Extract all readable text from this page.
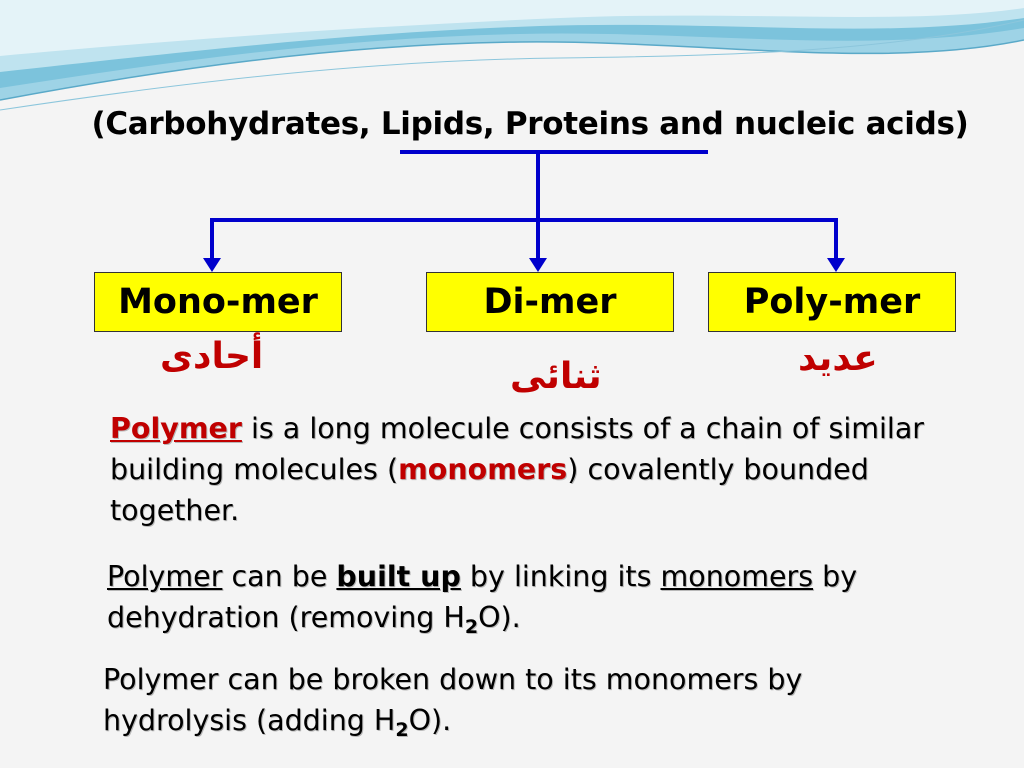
(Carbohydrates, Lipids, Proteins and nucleic acids)
Mono-mer	Di-mer	Poly-mer
أحادى	ثنائى	عديد
Polymer is a long molecule consists of a chain of similar building molecules (monomers) covalently bounded together.
Polymer can be built up by linking its monomers by dehydration (removing $H_2O$).
Polymer can be broken down to its monomers by hydrolysis (adding $H_2O$).
